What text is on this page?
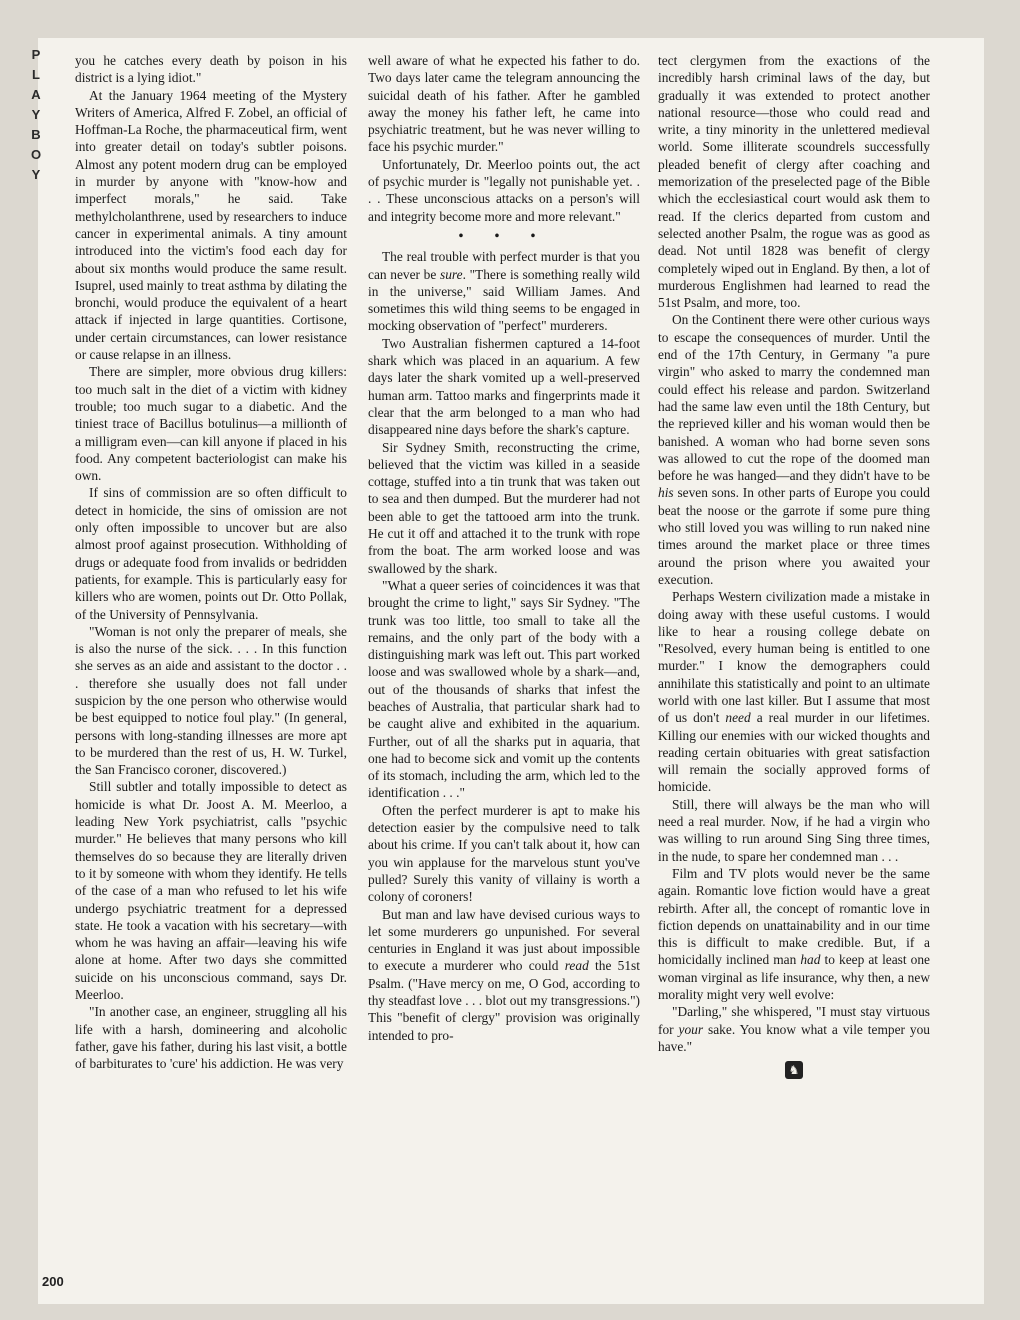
P
L
A
Y
B
O
Y
200

you he catches every death by poison in his district is a lying idiot."

At the January 1964 meeting of the Mystery Writers of America, Alfred F. Zobel, an official of Hoffman-La Roche, the pharmaceutical firm, went into greater detail on today's subtler poisons. Almost any potent modern drug can be employed in murder by anyone with "know-how and imperfect morals," he said. Take methylcholanthrene, used by researchers to induce cancer in experimental animals. A tiny amount introduced into the victim's food each day for about six months would produce the same result. Isuprel, used mainly to treat asthma by dilating the bronchi, would produce the equivalent of a heart attack if injected in large quantities. Cortisone, under certain circumstances, can lower resistance or cause relapse in an illness.

There are simpler, more obvious drug killers: too much salt in the diet of a victim with kidney trouble; too much sugar to a diabetic. And the tiniest trace of Bacillus botulinus—a millionth of a milligram even—can kill anyone if placed in his food. Any competent bacteriologist can make his own.

If sins of commission are so often difficult to detect in homicide, the sins of omission are not only often impossible to uncover but are also almost proof against prosecution. Withholding of drugs or adequate food from invalids or bedridden patients, for example. This is particularly easy for killers who are women, points out Dr. Otto Pollak, of the University of Pennsylvania.

"Woman is not only the preparer of meals, she is also the nurse of the sick. . . . In this function she serves as an aide and assistant to the doctor . . . therefore she usually does not fall under suspicion by the one person who otherwise would be best equipped to notice foul play." (In general, persons with long-standing illnesses are more apt to be murdered than the rest of us, H. W. Turkel, the San Francisco coroner, discovered.)

Still subtler and totally impossible to detect as homicide is what Dr. Joost A. M. Meerloo, a leading New York psychiatrist, calls "psychic murder." He believes that many persons who kill themselves do so because they are literally driven to it by someone with whom they identify. He tells of the case of a man who refused to let his wife undergo psychiatric treatment for a depressed state. He took a vacation with his secretary—with whom he was having an affair—leaving his wife alone at home. After two days she committed suicide on his unconscious command, says Dr. Meerloo.

"In another case, an engineer, struggling all his life with a harsh, domineering and alcoholic father, gave his father, during his last visit, a bottle of barbiturates to 'cure' his addiction. He was very

well aware of what he expected his father to do. Two days later came the telegram announcing the suicidal death of his father. After he gambled away the money his father left, he came into psychiatric treatment, but he was never willing to face his psychic murder."

Unfortunately, Dr. Meerloo points out, the act of psychic murder is "legally not punishable yet. . . . These unconscious attacks on a person's will and integrity become more and more relevant."

• • •

The real trouble with perfect murder is that you can never be sure. "There is something really wild in the universe," said William James. And sometimes this wild thing seems to be engaged in mocking observation of "perfect" murderers.

Two Australian fishermen captured a 14-foot shark which was placed in an aquarium. A few days later the shark vomited up a well-preserved human arm. Tattoo marks and fingerprints made it clear that the arm belonged to a man who had disappeared nine days before the shark's capture.

Sir Sydney Smith, reconstructing the crime, believed that the victim was killed in a seaside cottage, stuffed into a tin trunk that was taken out to sea and then dumped. But the murderer had not been able to get the tattooed arm into the trunk. He cut it off and attached it to the trunk with rope from the boat. The arm worked loose and was swallowed by the shark.

"What a queer series of coincidences it was that brought the crime to light," says Sir Sydney. "The trunk was too little, too small to take all the remains, and the only part of the body with a distinguishing mark was left out. This part worked loose and was swallowed whole by a shark—and, out of the thousands of sharks that infest the beaches of Australia, that particular shark had to be caught alive and exhibited in the aquarium. Further, out of all the sharks put in aquaria, that one had to become sick and vomit up the contents of its stomach, including the arm, which led to the identification . . ."

Often the perfect murderer is apt to make his detection easier by the compulsive need to talk about his crime. If you can't talk about it, how can you win applause for the marvelous stunt you've pulled? Surely this vanity of villainy is worth a colony of coroners!

But man and law have devised curious ways to let some murderers go unpunished. For several centuries in England it was just about impossible to execute a murderer who could read the 51st Psalm. ("Have mercy on me, O God, according to thy steadfast love . . . blot out my transgressions.") This "benefit of clergy" provision was originally intended to pro-

tect clergymen from the exactions of the incredibly harsh criminal laws of the day, but gradually it was extended to protect another national resource—those who could read and write, a tiny minority in the unlettered medieval world. Some illiterate scoundrels successfully pleaded benefit of clergy after coaching and memorization of the preselected page of the Bible which the ecclesiastical court would ask them to read. If the clerics departed from custom and selected another Psalm, the rogue was as good as dead. Not until 1828 was benefit of clergy completely wiped out in England. By then, a lot of murderous Englishmen had learned to read the 51st Psalm, and more, too.

On the Continent there were other curious ways to escape the consequences of murder. Until the end of the 17th Century, in Germany "a pure virgin" who asked to marry the condemned man could effect his release and pardon. Switzerland had the same law even until the 18th Century, but the reprieved killer and his woman would then be banished. A woman who had borne seven sons was allowed to cut the rope of the doomed man before he was hanged—and they didn't have to be his seven sons. In other parts of Europe you could beat the noose or the garrote if some pure thing who still loved you was willing to run naked nine times around the market place or three times around the prison where you awaited your execution.

Perhaps Western civilization made a mistake in doing away with these useful customs. I would like to hear a rousing college debate on "Resolved, every human being is entitled to one murder." I know the demographers could annihilate this statistically and point to an ultimate world with one last killer. But I assume that most of us don't need a real murder in our lifetimes. Killing our enemies with our wicked thoughts and reading certain obituaries with great satisfaction will remain the socially approved forms of homicide.

Still, there will always be the man who will need a real murder. Now, if he had a virgin who was willing to run around Sing Sing three times, in the nude, to spare her condemned man . . .

Film and TV plots would never be the same again. Romantic love fiction would have a great rebirth. After all, the concept of romantic love in fiction depends on unattainability and in our time this is difficult to make credible. But, if a homicidally inclined man had to keep at least one woman virginal as life insurance, why then, a new morality might very well evolve:

"Darling," she whispered, "I must stay virtuous for your sake. You know what a vile temper you have."

♞
